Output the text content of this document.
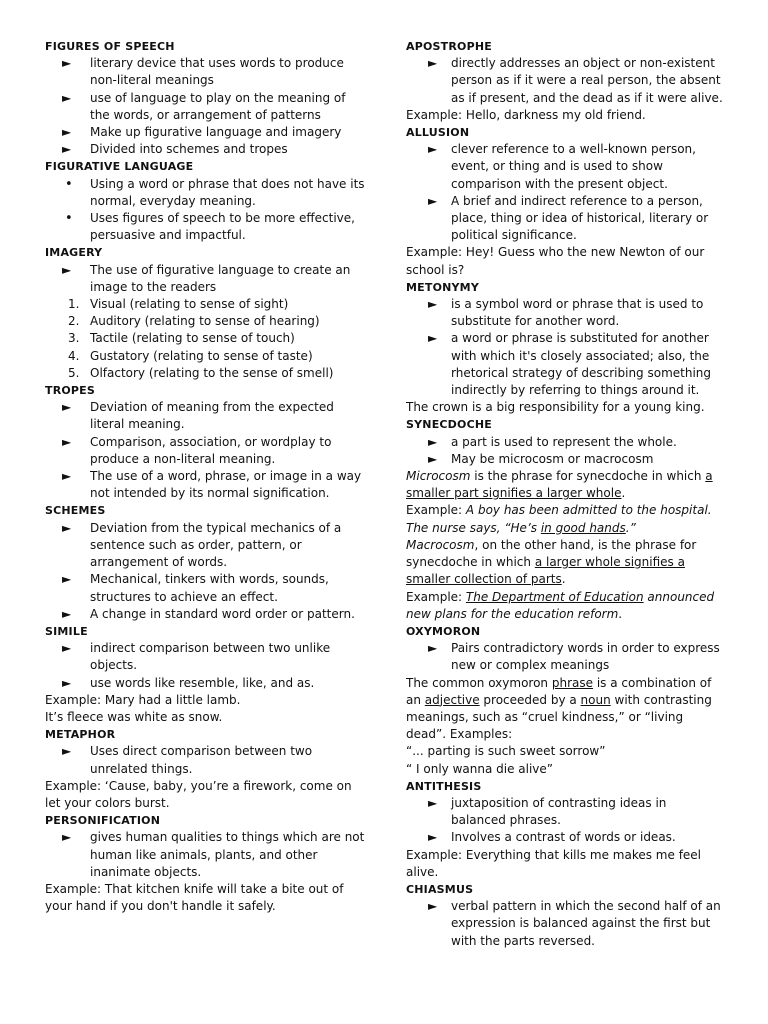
FIGURES OF SPEECH
► literary device that uses words to produce non-literal meanings
► use of language to play on the meaning of the words, or arrangement of patterns
► Make up figurative language and imagery
► Divided into schemes and tropes
FIGURATIVE LANGUAGE
• Using a word or phrase that does not have its normal, everyday meaning.
• Uses figures of speech to be more effective, persuasive and impactful.
IMAGERY
► The use of figurative language to create an image to the readers
1. Visual (relating to sense of sight)
2. Auditory (relating to sense of hearing)
3. Tactile (relating to sense of touch)
4. Gustatory (relating to sense of taste)
5. Olfactory (relating to the sense of smell)
TROPES
► Deviation of meaning from the expected literal meaning.
► Comparison, association, or wordplay to produce a non-literal meaning.
► The use of a word, phrase, or image in a way not intended by its normal signification.
SCHEMES
► Deviation from the typical mechanics of a sentence such as order, pattern, or arrangement of words.
► Mechanical, tinkers with words, sounds, structures to achieve an effect.
► A change in standard word order or pattern.
SIMILE
► indirect comparison between two unlike objects.
► use words like resemble, like, and as.
Example: Mary had a little lamb.
It’s fleece was white as snow.
METAPHOR
► Uses direct comparison between two unrelated things.
Example: ‘Cause, baby, you’re a firework, come on let your colors burst.
PERSONIFICATION
► gives human qualities to things which are not human like animals, plants, and other inanimate objects.
Example: That kitchen knife will take a bite out of your hand if you don't handle it safely.
APOSTROPHE
► directly addresses an object or non-existent person as if it were a real person, the absent as if present, and the dead as if it were alive.
Example: Hello, darkness my old friend.
ALLUSION
► clever reference to a well-known person, event, or thing and is used to show comparison with the present object.
► A brief and indirect reference to a person, place, thing or idea of historical, literary or political significance.
Example: Hey! Guess who the new Newton of our school is?
METONYMY
► is a symbol word or phrase that is used to substitute for another word.
► a word or phrase is substituted for another with which it's closely associated; also, the rhetorical strategy of describing something indirectly by referring to things around it.
The crown is a big responsibility for a young king.
SYNECDOCHE
► a part is used to represent the whole.
► May be microcosm or macrocosm
Microcosm is the phrase for synecdoche in which a smaller part signifies a larger whole.
Example: A boy has been admitted to the hospital. The nurse says, “He’s in good hands.”
Macrocosm, on the other hand, is the phrase for synecdoche in which a larger whole signifies a smaller collection of parts.
Example: The Department of Education announced new plans for the education reform.
OXYMORON
► Pairs contradictory words in order to express new or complex meanings
The common oxymoron phrase is a combination of an adjective proceeded by a noun with contrasting meanings, such as “cruel kindness,” or “living dead”. Examples:
“... parting is such sweet sorrow”
“ I only wanna die alive”
ANTITHESIS
► juxtaposition of contrasting ideas in balanced phrases.
► Involves a contrast of words or ideas.
Example: Everything that kills me makes me feel alive.
CHIASMUS
► verbal pattern in which the second half of an expression is balanced against the first but with the parts reversed.
